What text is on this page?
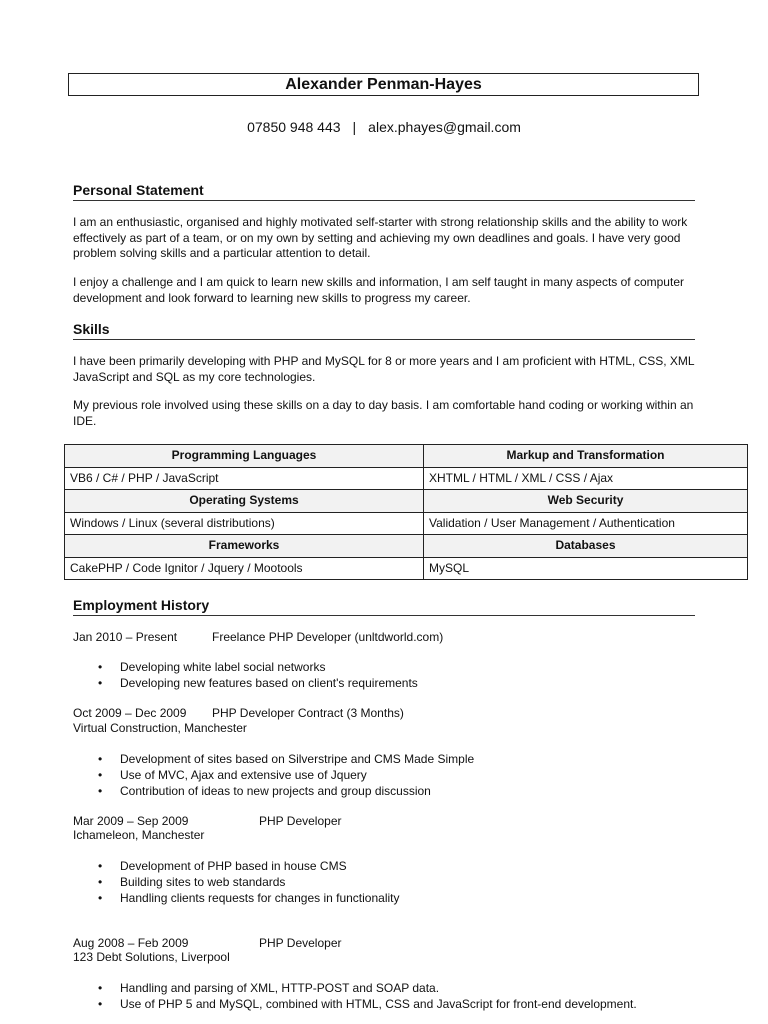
Alexander Penman-Hayes
07850 948 443 | alex.phayes@gmail.com
Personal Statement
I am an enthusiastic, organised and highly motivated self-starter with strong relationship skills and the ability to work effectively as part of a team, or on my own by setting and achieving my own deadlines and goals. I have very good problem solving skills and a particular attention to detail.
I enjoy a challenge and I am quick to learn new skills and information, I am self taught in many aspects of computer development and look forward to learning new skills to progress my career.
Skills
I have been primarily developing with PHP and MySQL for 8 or more years and I am proficient with HTML, CSS, XML JavaScript and SQL as my core technologies.
My previous role involved using these skills on a day to day basis. I am comfortable hand coding or working within an IDE.
Programming Languages	Markup and Transformation
VB6 / C# / PHP / JavaScript	XHTML / HTML / XML / CSS / Ajax
Operating Systems	Web Security
Windows / Linux (several distributions)	Validation / User Management / Authentication
Frameworks	Databases
CakePHP / Code Ignitor / Jquery / Mootools	MySQL
Employment History
Jan 2010 – Present	Freelance PHP Developer (unltdworld.com)
• Developing white label social networks
• Developing new features based on client's requirements
Oct 2009 – Dec 2009 PHP Developer Contract (3 Months)
Virtual Construction, Manchester
• Development of sites based on Silverstripe and CMS Made Simple
• Use of MVC, Ajax and extensive use of Jquery
• Contribution of ideas to new projects and group discussion
Mar 2009 – Sep 2009	PHP Developer
Ichameleon, Manchester
• Development of PHP based in house CMS
• Building sites to web standards
• Handling clients requests for changes in functionality
Aug 2008 – Feb 2009	PHP Developer
123 Debt Solutions, Liverpool
• Handling and parsing of XML, HTTP-POST and SOAP data.
• Use of PHP 5 and MySQL, combined with HTML, CSS and JavaScript for front-end development.
